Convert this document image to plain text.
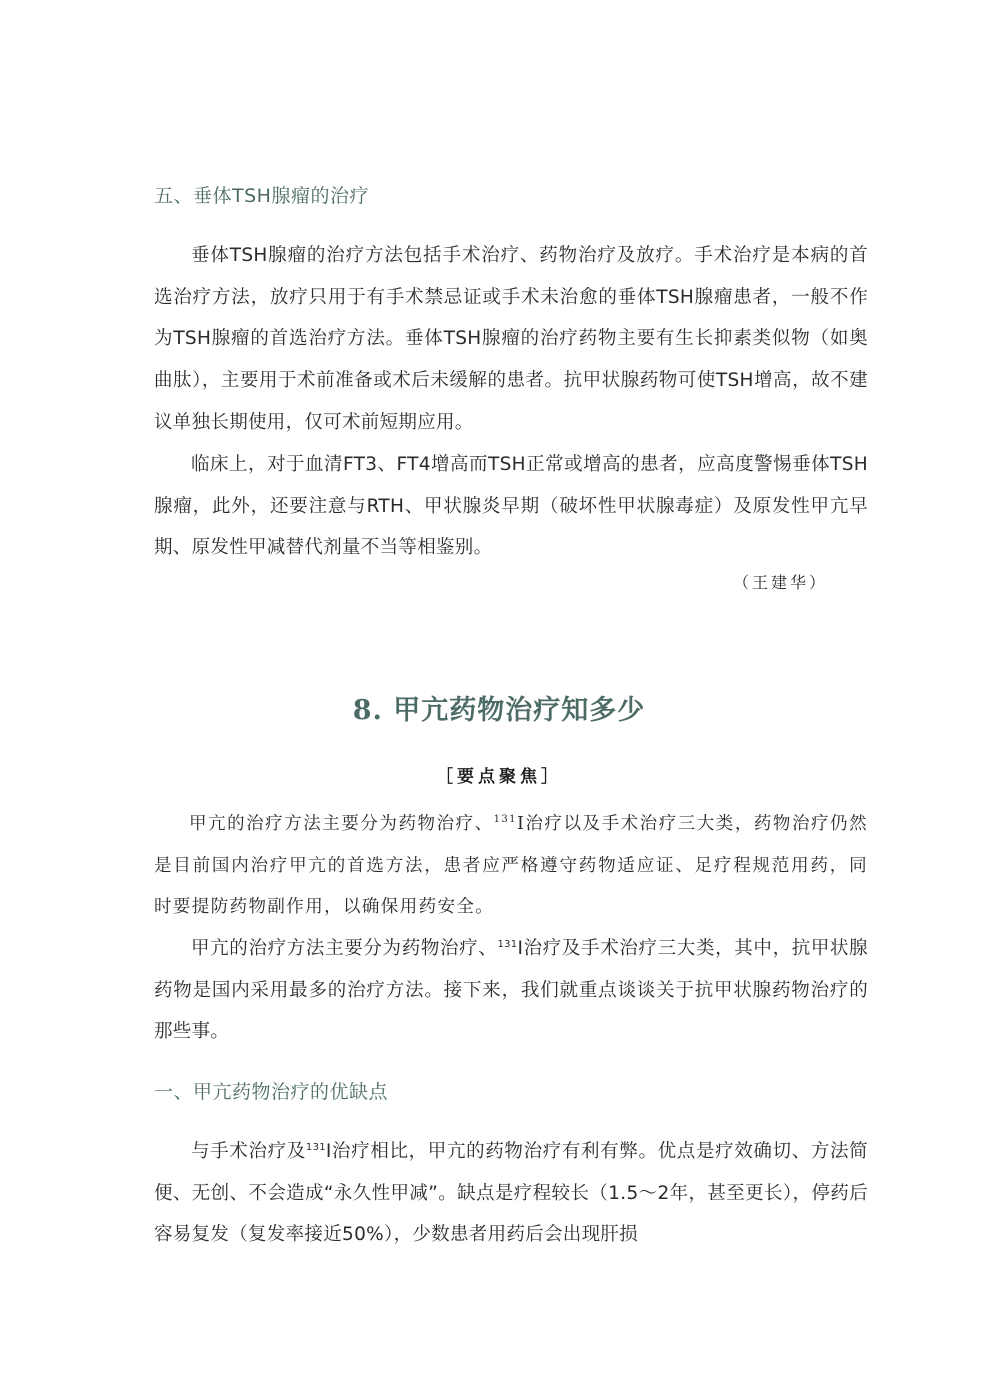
五、垂体TSH腺瘤的治疗

垂体TSH腺瘤的治疗方法包括手术治疗、药物治疗及放疗。手术治疗是本病的首选治疗方法，放疗只用于有手术禁忌证或手术未治愈的垂体TSH腺瘤患者，一般不作为TSH腺瘤的首选治疗方法。垂体TSH腺瘤的治疗药物主要有生长抑素类似物（如奥曲肽），主要用于术前准备或术后未缓解的患者。抗甲状腺药物可使TSH增高，故不建议单独长期使用，仅可术前短期应用。

临床上，对于血清FT3、FT4增高而TSH正常或增高的患者，应高度警惕垂体TSH腺瘤，此外，还要注意与RTH、甲状腺炎早期（破坏性甲状腺毒症）及原发性甲亢早期、原发性甲减替代剂量不当等相鉴别。

（王建华）
8. 甲亢药物治疗知多少
［要点聚焦］

甲亢的治疗方法主要分为药物治疗、$^{131}$I治疗以及手术治疗三大类，药物治疗仍然是目前国内治疗甲亢的首选方法，患者应严格遵守药物适应证、足疗程规范用药，同时要提防药物副作用，以确保用药安全。

甲亢的治疗方法主要分为药物治疗、$^{131}$I治疗及手术治疗三大类，其中，抗甲状腺药物是国内采用最多的治疗方法。接下来，我们就重点谈谈关于抗甲状腺药物治疗的那些事。

一、甲亢药物治疗的优缺点

与手术治疗及$^{131}$I治疗相比，甲亢的药物治疗有利有弊。优点是疗效确切、方法简便、无创、不会造成“永久性甲减”。缺点是疗程较长（1.5～2年，甚至更长），停药后容易复发（复发率接近50%），少数患者用药后会出现肝损
